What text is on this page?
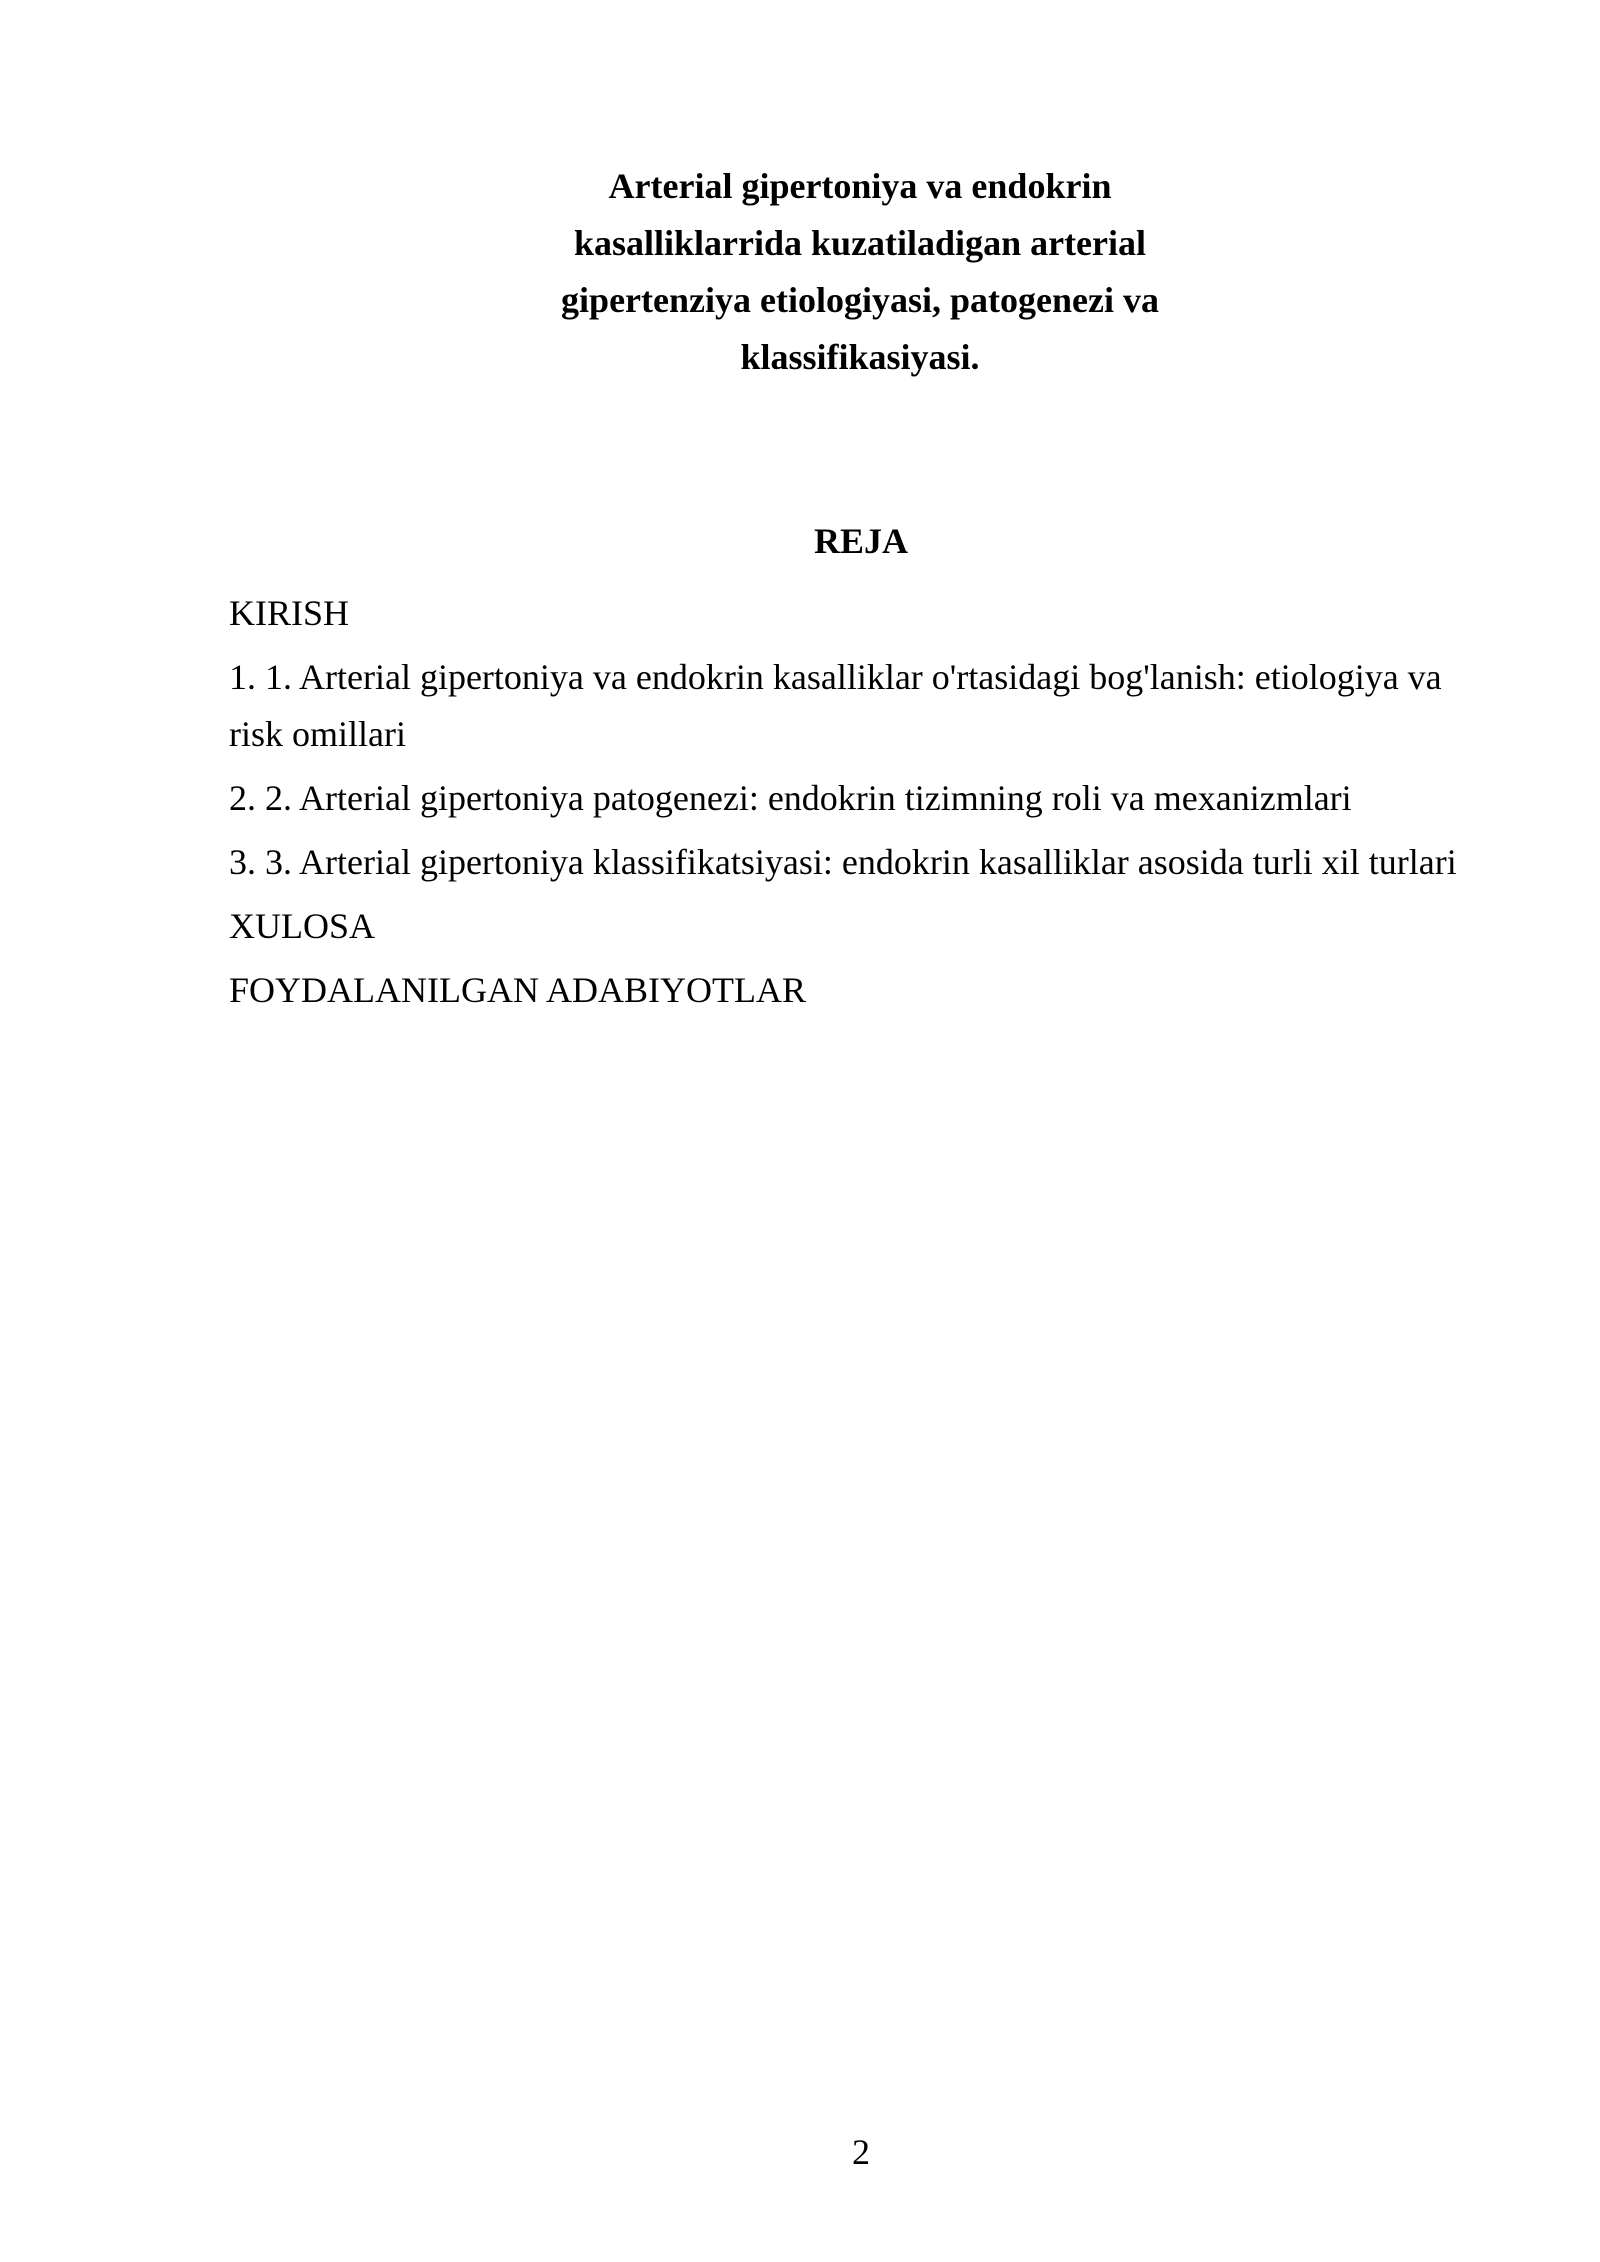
Arterial gipertoniya va endokrin
kasalliklarrida kuzatiladigan arterial
gipertenziya etiologiyasi, patogenezi va
klassifikasiyasi.
REJA
KIRISH
1. 1. Arterial gipertoniya va endokrin kasalliklar o'rtasidagi bog'lanish: etiologiya va risk omillari
2. 2. Arterial gipertoniya patogenezi: endokrin tizimning roli va mexanizmlari
3. 3. Arterial gipertoniya klassifikatsiyasi: endokrin kasalliklar asosida turli xil turlari
XULOSA
FOYDALANILGAN ADABIYOTLAR
2
